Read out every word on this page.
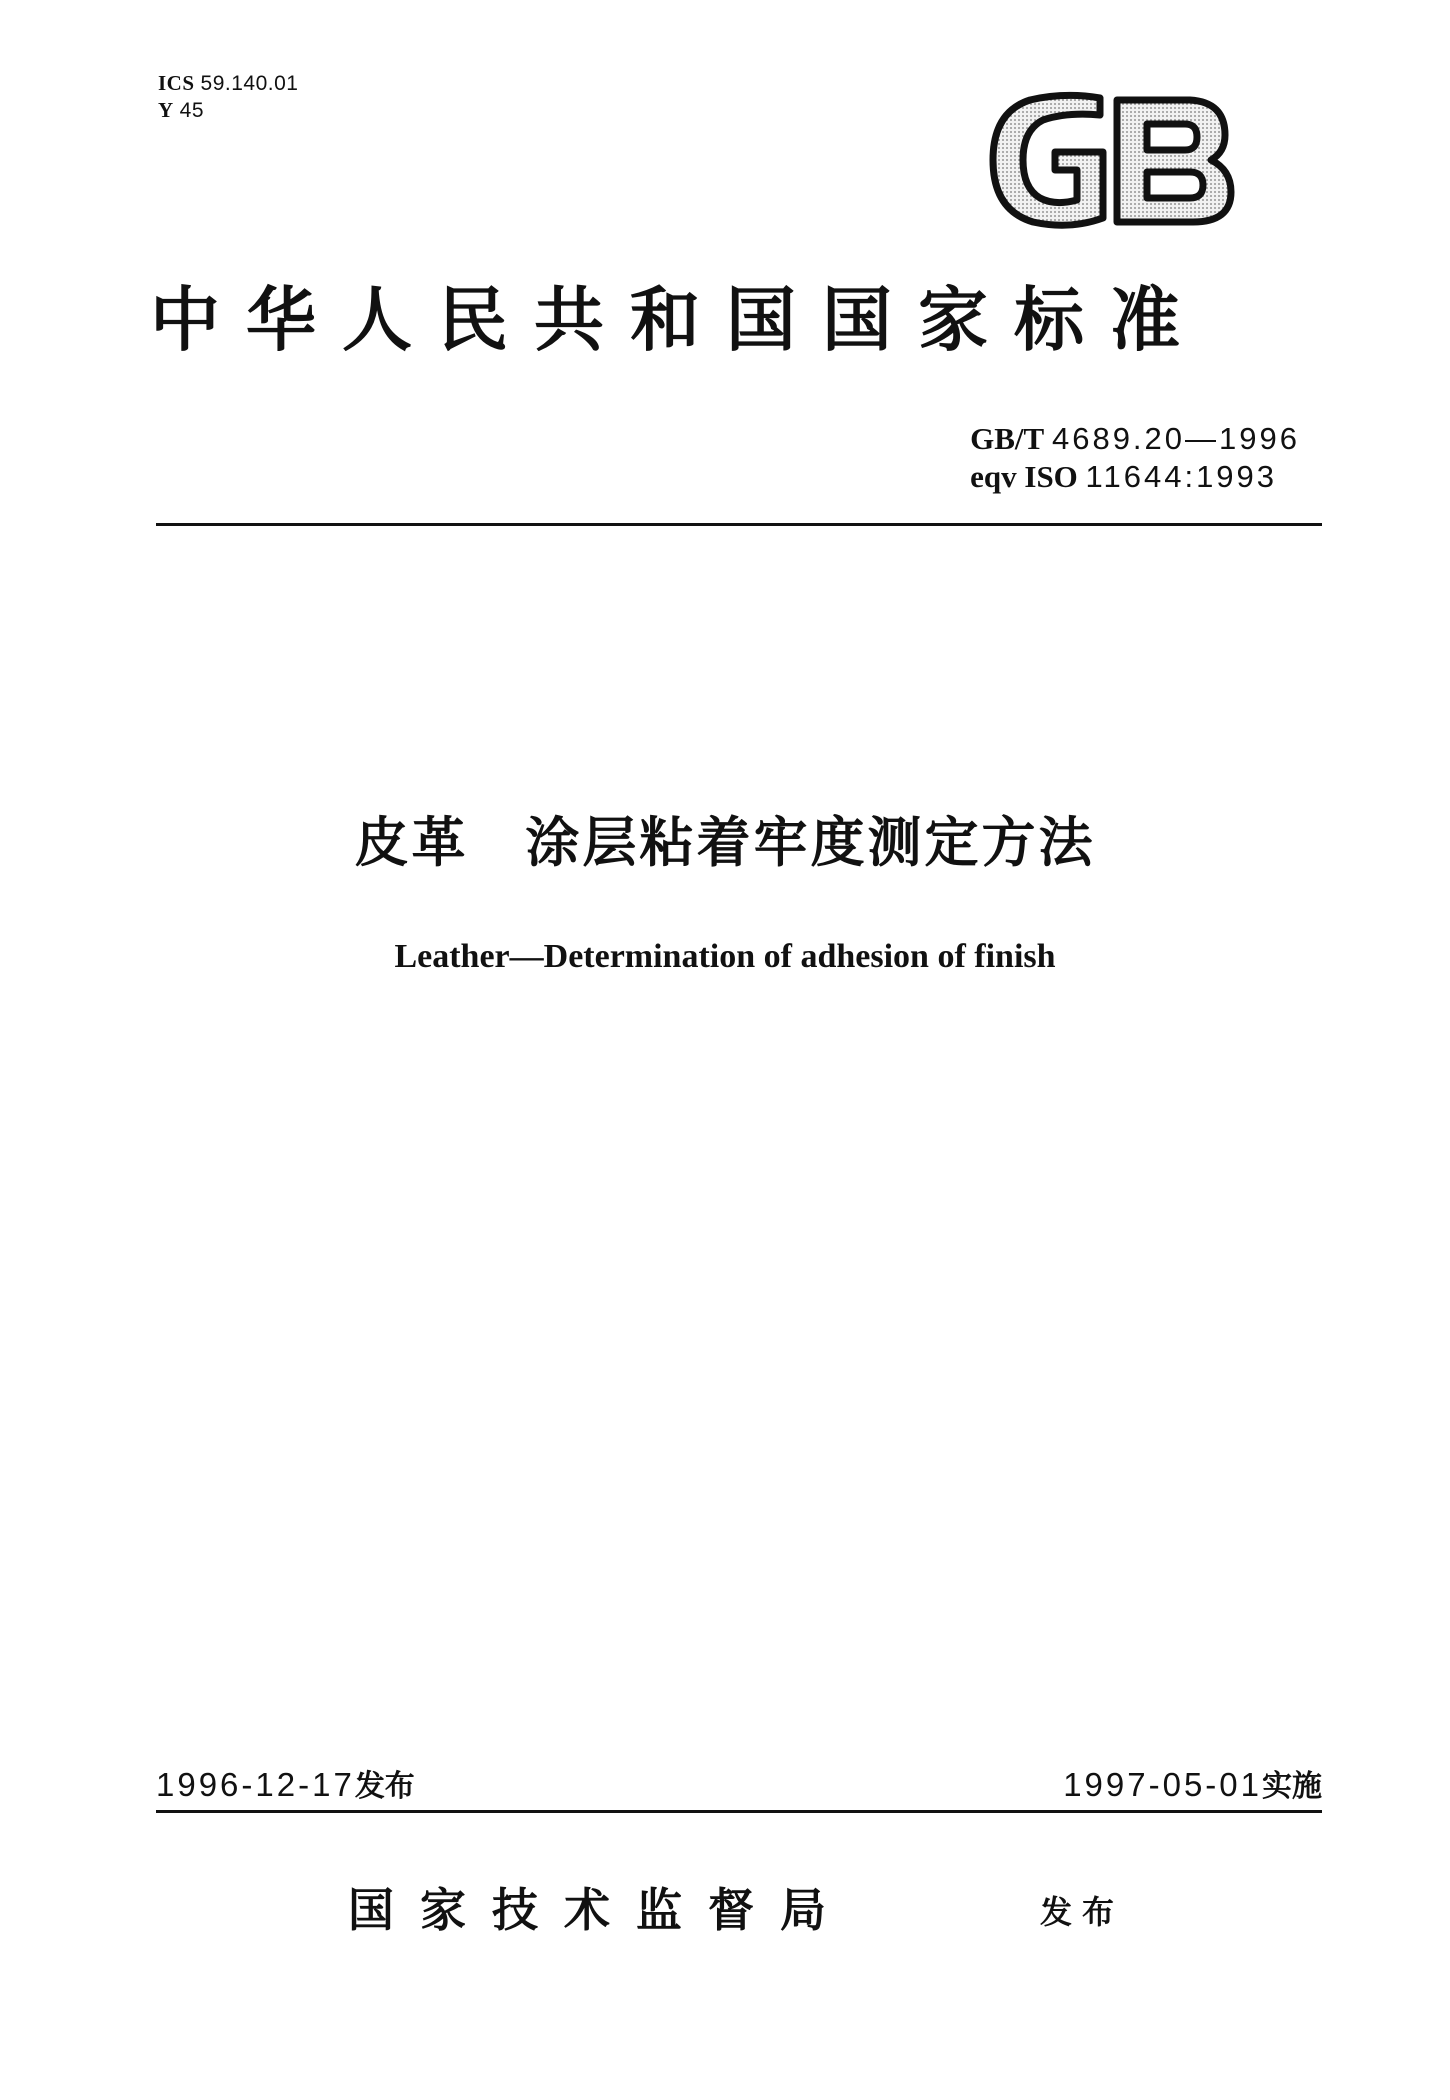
ICS 59.140.01
Y 45
中华人民共和国国家标准
GB/T 4689.20—1996
eqv ISO 11644:1993
皮革　涂层粘着牢度测定方法
Leather—Determination of adhesion of finish
1996-12-17发布	1997-05-01实施
国家技术监督局	发布
